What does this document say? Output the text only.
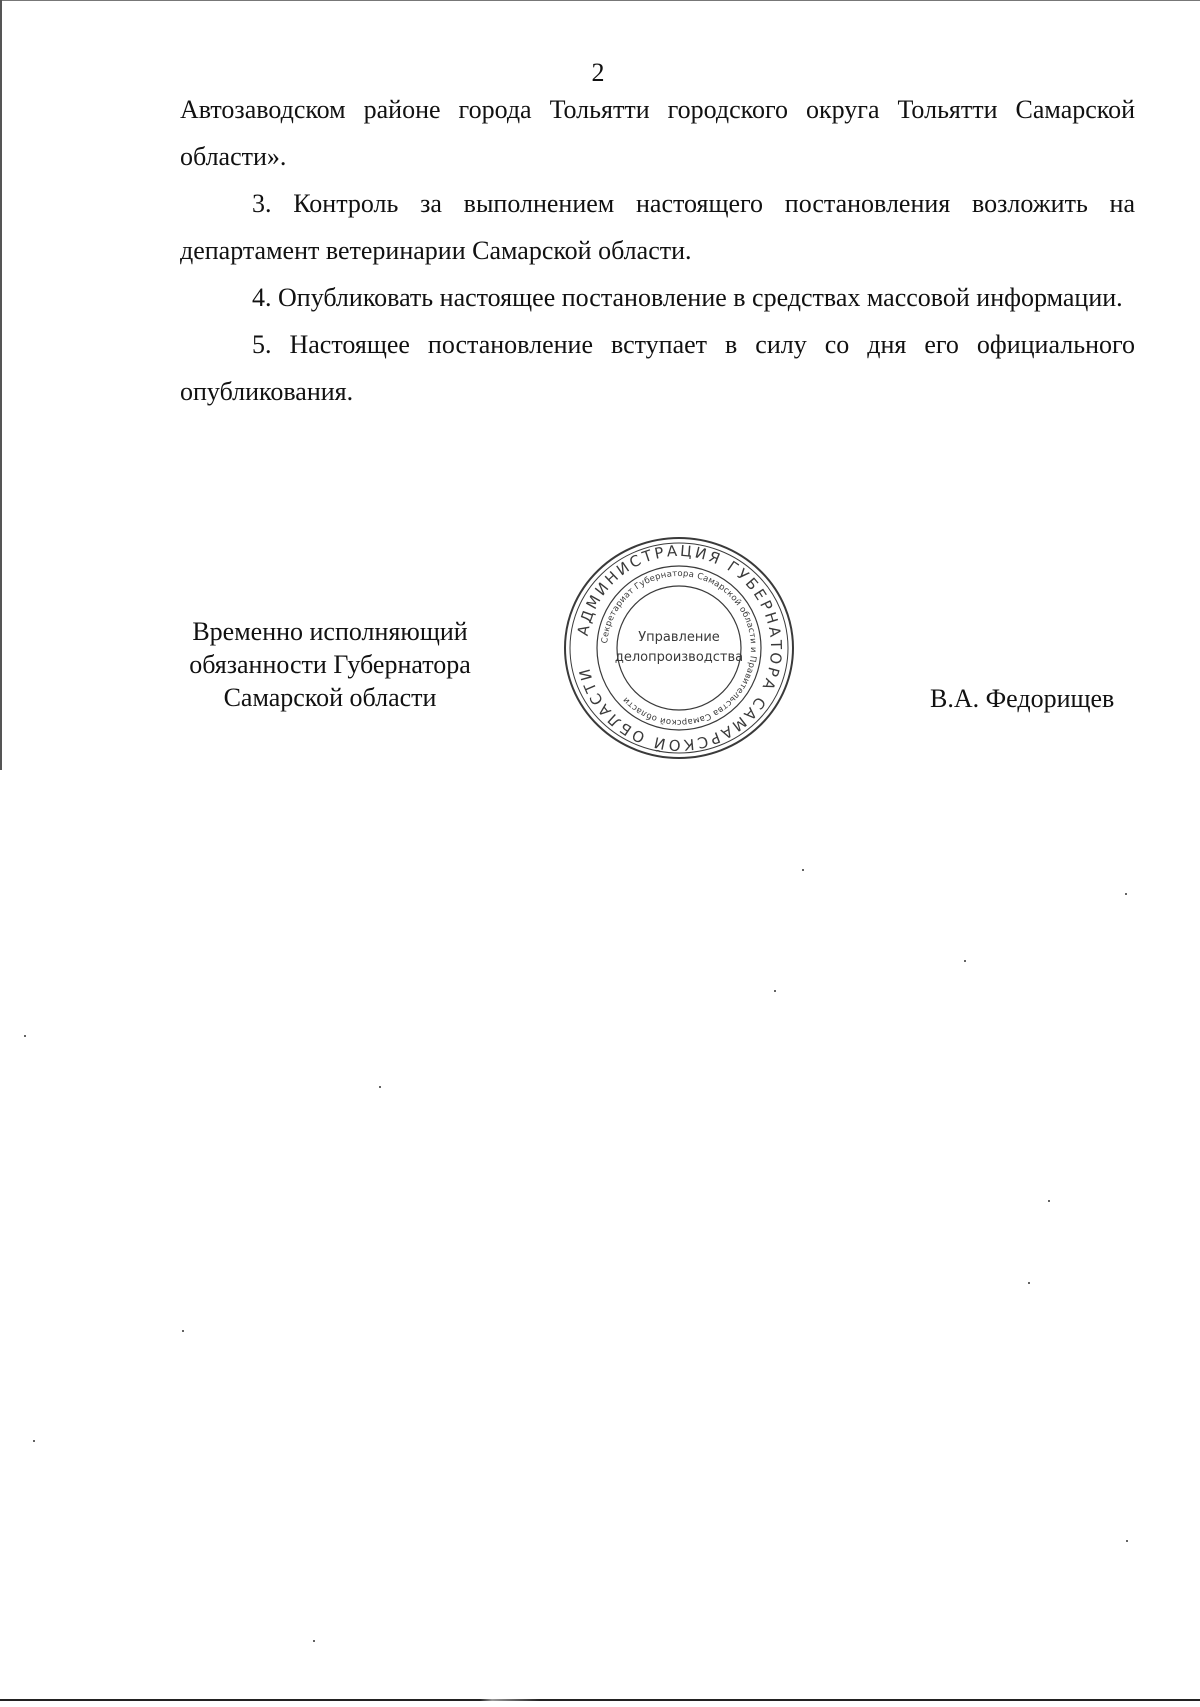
2

Автозаводском районе города Тольятти городского округа Тольятти Самарской области».

3. Контроль за выполнением настоящего постановления возложить на департамент ветеринарии Самарской области.

4. Опубликовать настоящее постановление в средствах массовой информации.

5. Настоящее постановление вступает в силу со дня его официального опубликования.

Временно исполняющий
обязанности Губернатора
Самарской области	В.А. Федорищев
АДМИНИСТРАЦИЯ ГУБЕРНАТОРА САМАРСКОЙ ОБЛАСТИ
Секретариат Губернатора Самарской области и Правительства Самарской области
Управление
делопроизводства
